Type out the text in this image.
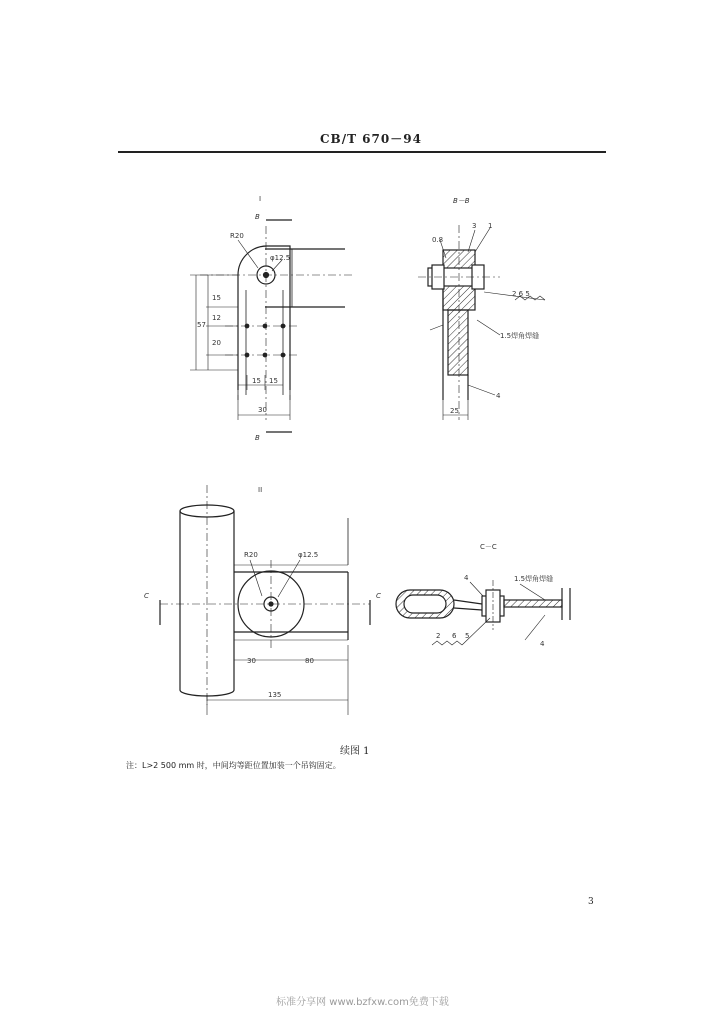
CB/T 670－94
I
B
B
R20
φ12.5
15
12
20
57
15 15
30
B－B
3 1
0.8
2 6 5
1.5焊角焊缝
4
25
II
C	C
R20	φ12.5
30	80
135
C－C
1.5焊角焊缝
4
2 6 5
4
续图 1
注：L>2 500 mm 时，中间均等距位置加装一个吊钩固定。
3
标准分享网 www.bzfxw.com免费下载
